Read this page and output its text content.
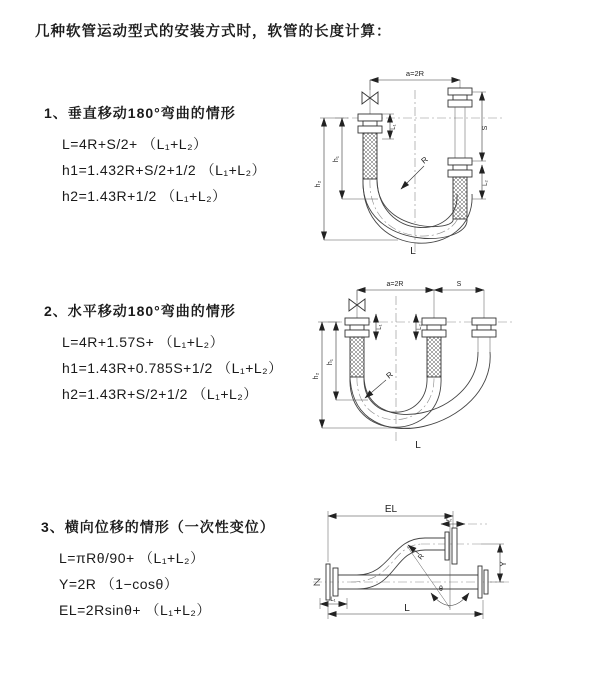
几种软管运动型式的安装方式时，软管的长度计算：
1、垂直移动180°弯曲的情形
L=4R+S/2+ （L₁+L₂）
h1=1.432R+S/2+1/2 （L₁+L₂）
h2=1.43R+1/2 （L₁+L₂）
2、水平移动180°弯曲的情形
L=4R+1.57S+ （L₁+L₂）
h1=1.43R+0.785S+1/2 （L₁+L₂）
h2=1.43R+S/2+1/2 （L₁+L₂）
3、横向位移的情形（一次性变位）
L=πRθ/90+ （L₁+L₂）
Y=2R （1−cosθ）
EL=2Rsinθ+ （L₁+L₂）
a=2R
R
L
S
L₂
L₁
h₁
h₂
a=2R	S
h₁
h₂
L₁	L₂
R
L
EL
L₂
θ
R
Y
L₁
L
